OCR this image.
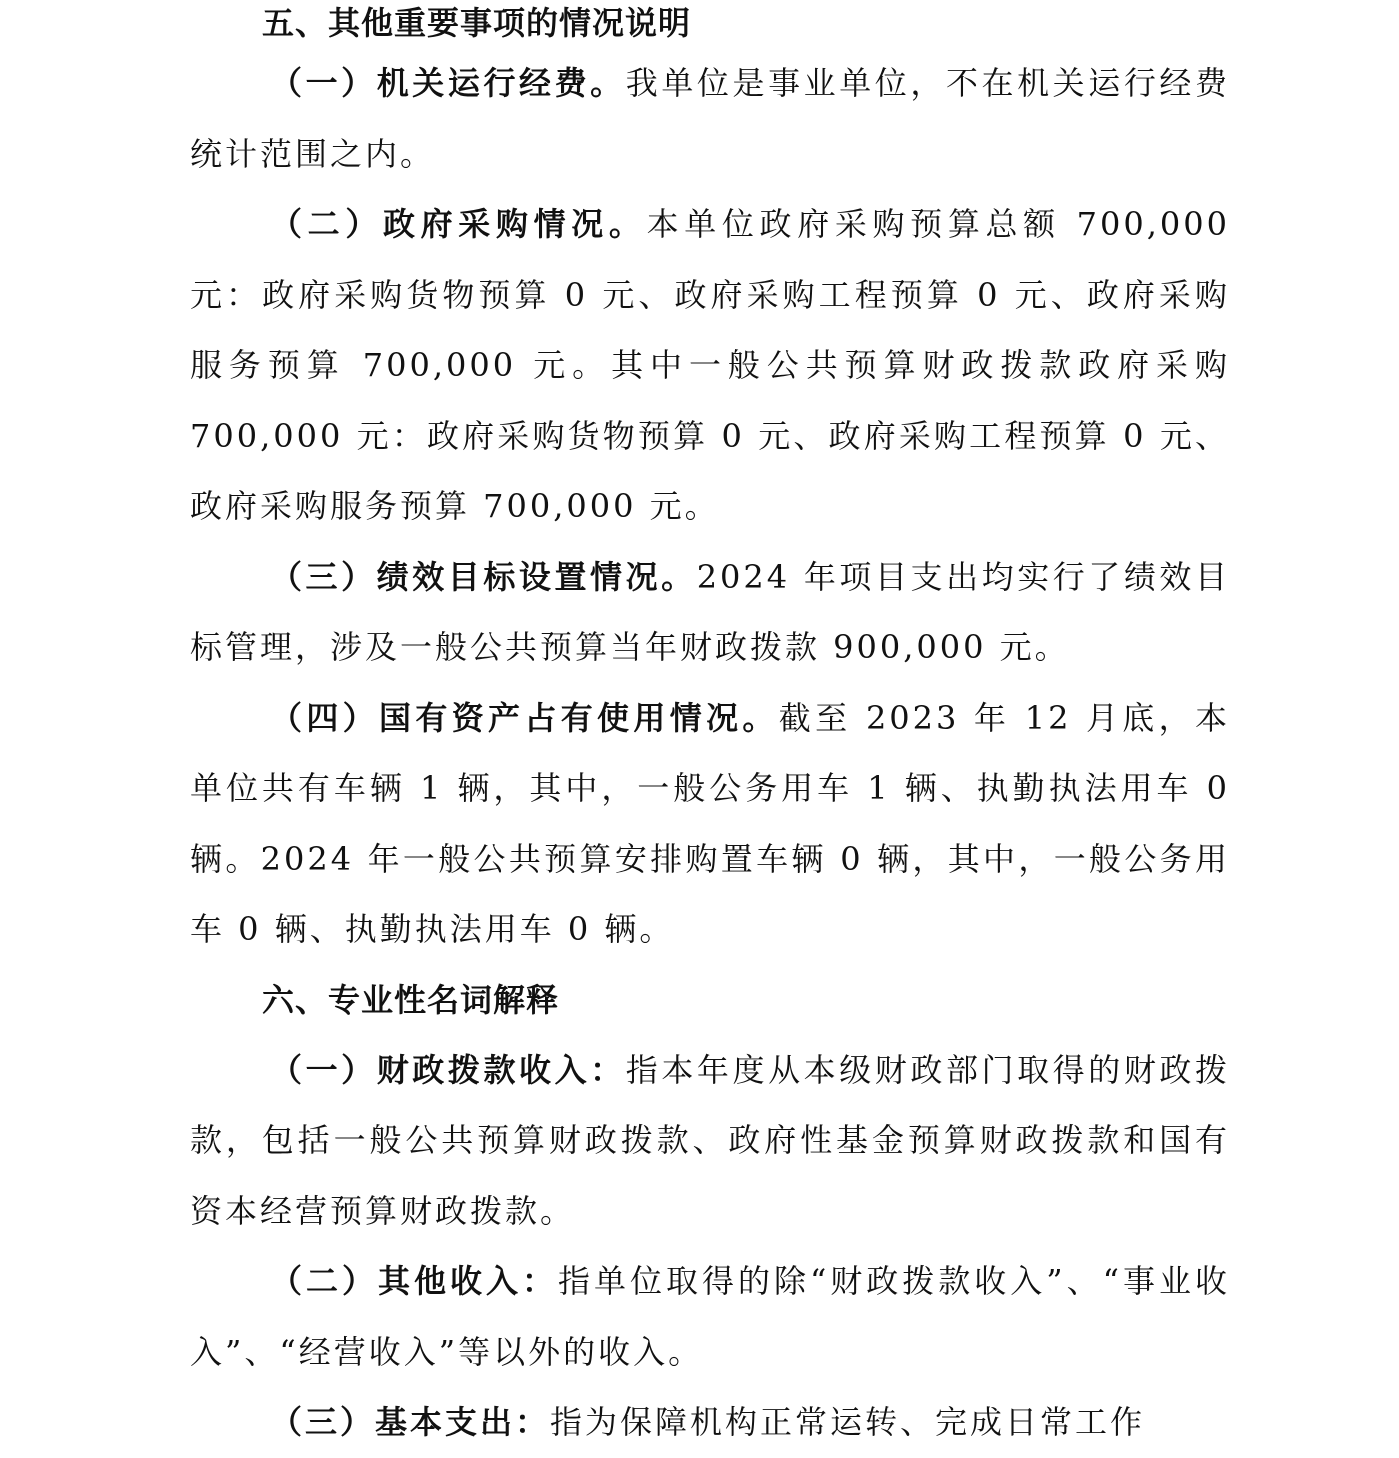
五、其他重要事项的情况说明

（一）机关运行经费。我单位是事业单位，不在机关运行经费统计范围之内。

（二）政府采购情况。本单位政府采购预算总额 700,000 元：政府采购货物预算 0 元、政府采购工程预算 0 元、政府采购服务预算 700,000 元。其中一般公共预算财政拨款政府采购 700,000 元：政府采购货物预算 0 元、政府采购工程预算 0 元、政府采购服务预算 700,000 元。

（三）绩效目标设置情况。2024 年项目支出均实行了绩效目标管理，涉及一般公共预算当年财政拨款 900,000 元。

（四）国有资产占有使用情况。截至 2023 年 12 月底，本单位共有车辆 1 辆，其中，一般公务用车 1 辆、执勤执法用车 0 辆。2024 年一般公共预算安排购置车辆 0 辆，其中，一般公务用车 0 辆、执勤执法用车 0 辆。

六、专业性名词解释

（一）财政拨款收入：指本年度从本级财政部门取得的财政拨款，包括一般公共预算财政拨款、政府性基金预算财政拨款和国有资本经营预算财政拨款。

（二）其他收入：指单位取得的除“财政拨款收入”、“事业收入”、“经营收入”等以外的收入。

（三）基本支出：指为保障机构正常运转、完成日常工作
